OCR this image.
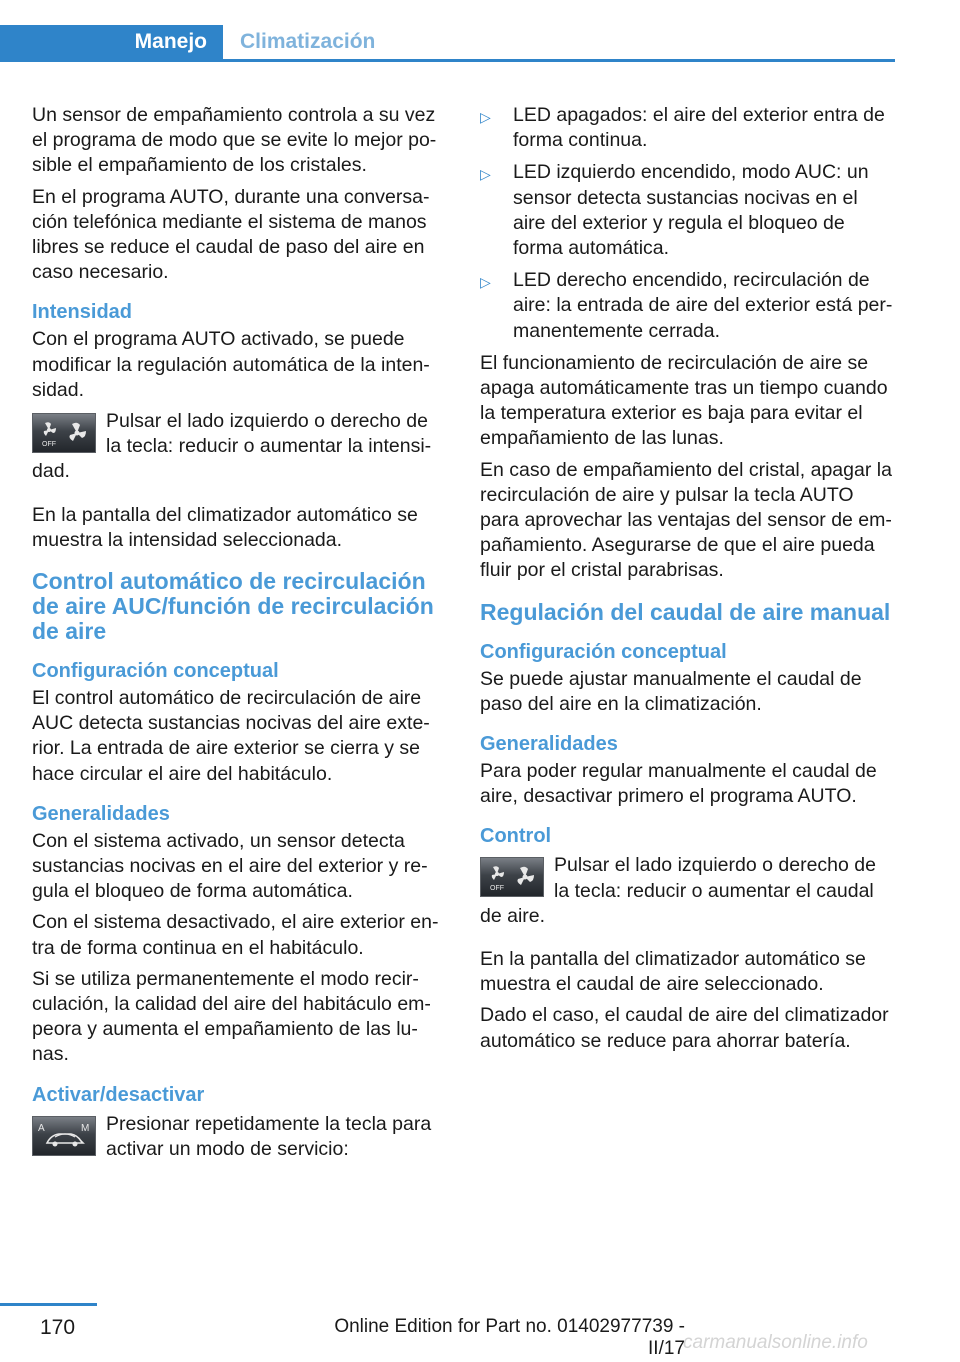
Manejo	Climatización

Un sensor de empañamiento controla a su vez el programa de modo que se evite lo mejor po-sible el empañamiento de los cristales.

En el programa AUTO, durante una conversa-ción telefónica mediante el sistema de manos libres se reduce el caudal de paso del aire en caso necesario.

Intensidad

Con el programa AUTO activado, se puede modificar la regulación automática de la inten-sidad.

OFF

Pulsar el lado izquierdo o derecho de la tecla: reducir o aumentar la intensi-dad.

En la pantalla del climatizador automático se muestra la intensidad seleccionada.

Control automático de recirculación de aire AUC/función de recirculación de aire
Configuración conceptual

El control automático de recirculación de aire AUC detecta sustancias nocivas del aire exte-rior. La entrada de aire exterior se cierra y se hace circular el aire del habitáculo.

Generalidades

Con el sistema activado, un sensor detecta sustancias nocivas en el aire del exterior y re-gula el bloqueo de forma automática.

Con el sistema desactivado, el aire exterior en-tra de forma continua en el habitáculo.

Si se utiliza permanentemente el modo recir-culación, la calidad del aire del habitáculo em-peora y aumenta el empañamiento de las lu-nas.

Activar/desactivar
A	M Presionar repetidamente la tecla para activar un modo de servicio:

▷ LED apagados: el aire del exterior entra de forma continua.
▷ LED izquierdo encendido, modo AUC: un sensor detecta sustancias nocivas en el aire del exterior y regula el bloqueo de forma automática.
▷ LED derecho encendido, recirculación de aire: la entrada de aire del exterior está per-manentemente cerrada.

El funcionamiento de recirculación de aire se apaga automáticamente tras un tiempo cuando la temperatura exterior es baja para evitar el empañamiento de las lunas.

En caso de empañamiento del cristal, apagar la recirculación de aire y pulsar la tecla AUTO para aprovechar las ventajas del sensor de em-pañamiento. Asegurarse de que el aire pueda fluir por el cristal parabrisas.

Regulación del caudal de aire manual
Configuración conceptual

Se puede ajustar manualmente el caudal de paso del aire en la climatización.

Generalidades

Para poder regular manualmente el caudal de aire, desactivar primero el programa AUTO.

Control
OFF

Pulsar el lado izquierdo o derecho de la tecla: reducir o aumentar el caudal de aire.

En la pantalla del climatizador automático se muestra el caudal de aire seleccionado.

Dado el caso, el caudal de aire del climatizador automático se reduce para ahorrar batería.

170	Online Edition for Part no. 01402977739 - II/17
carmanualsonline.info
